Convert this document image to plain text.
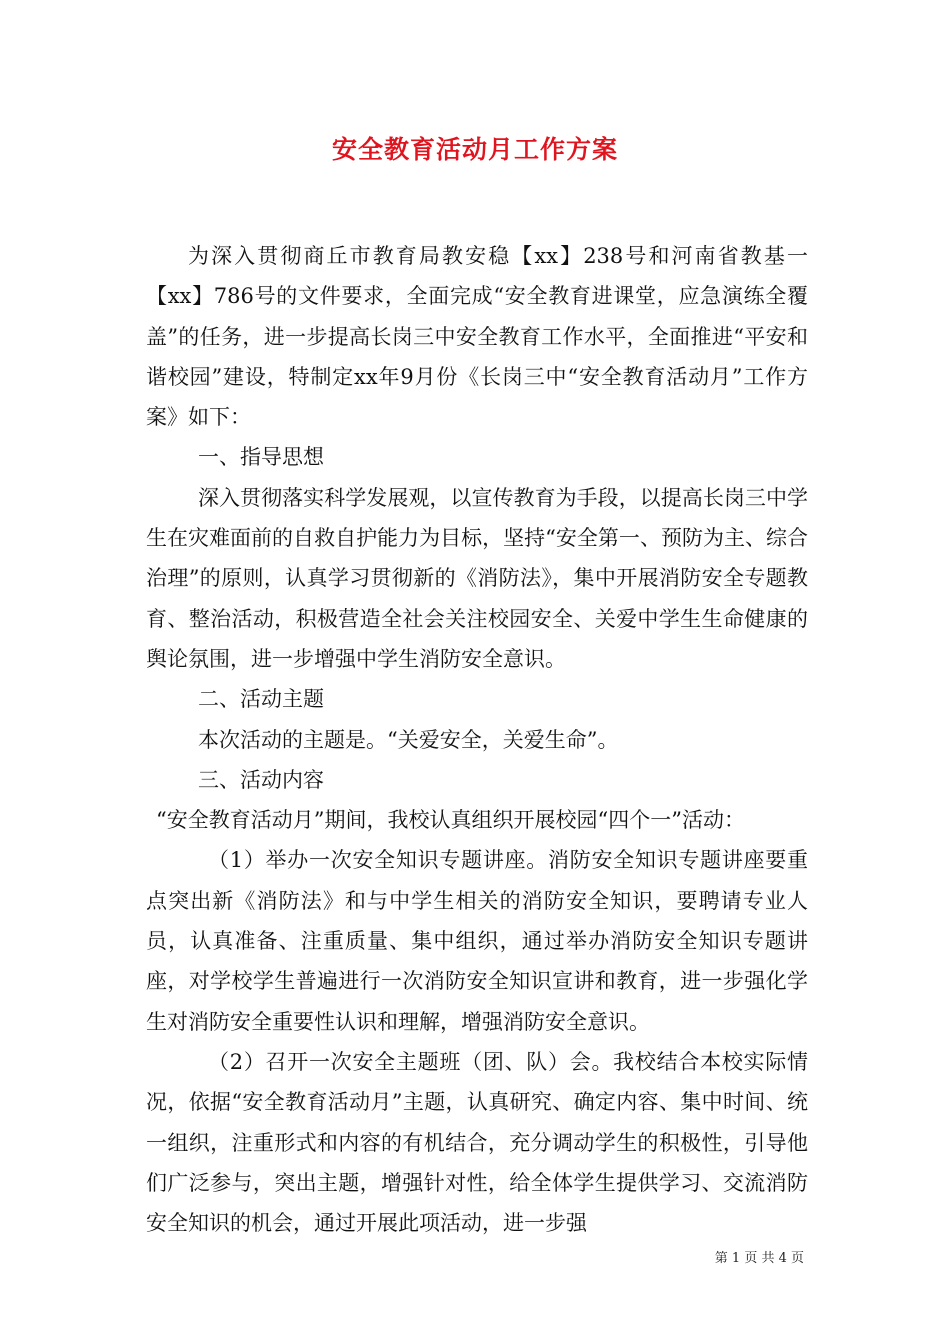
安全教育活动月工作方案

为深入贯彻商丘市教育局教安稳【xx】238号和河南省教基一【xx】786号的文件要求，全面完成“安全教育进课堂，应急演练全覆盖”的任务，进一步提高长岗三中安全教育工作水平，全面推进“平安和谐校园”建设，特制定xx年9月份《长岗三中“安全教育活动月”工作方案》如下：

一、指导思想

深入贯彻落实科学发展观，以宣传教育为手段，以提高长岗三中学生在灾难面前的自救自护能力为目标，坚持“安全第一、预防为主、综合治理”的原则，认真学习贯彻新的《消防法》，集中开展消防安全专题教育、整治活动，积极营造全社会关注校园安全、关爱中学生生命健康的舆论氛围，进一步增强中学生消防安全意识。

二、活动主题

本次活动的主题是。“关爱安全，关爱生命”。

三、活动内容

“安全教育活动月”期间，我校认真组织开展校园“四个一”活动：

（1）举办一次安全知识专题讲座。消防安全知识专题讲座要重点突出新《消防法》和与中学生相关的消防安全知识，要聘请专业人员，认真准备、注重质量、集中组织，通过举办消防安全知识专题讲座，对学校学生普遍进行一次消防安全知识宣讲和教育，进一步强化学生对消防安全重要性认识和理解，增强消防安全意识。

（2）召开一次安全主题班（团、队）会。我校结合本校实际情况，依据“安全教育活动月”主题，认真研究、确定内容、集中时间、统一组织，注重形式和内容的有机结合，充分调动学生的积极性，引导他们广泛参与，突出主题，增强针对性，给全体学生提供学习、交流消防安全知识的机会，通过开展此项活动，进一步强

第 1 页 共 4 页
